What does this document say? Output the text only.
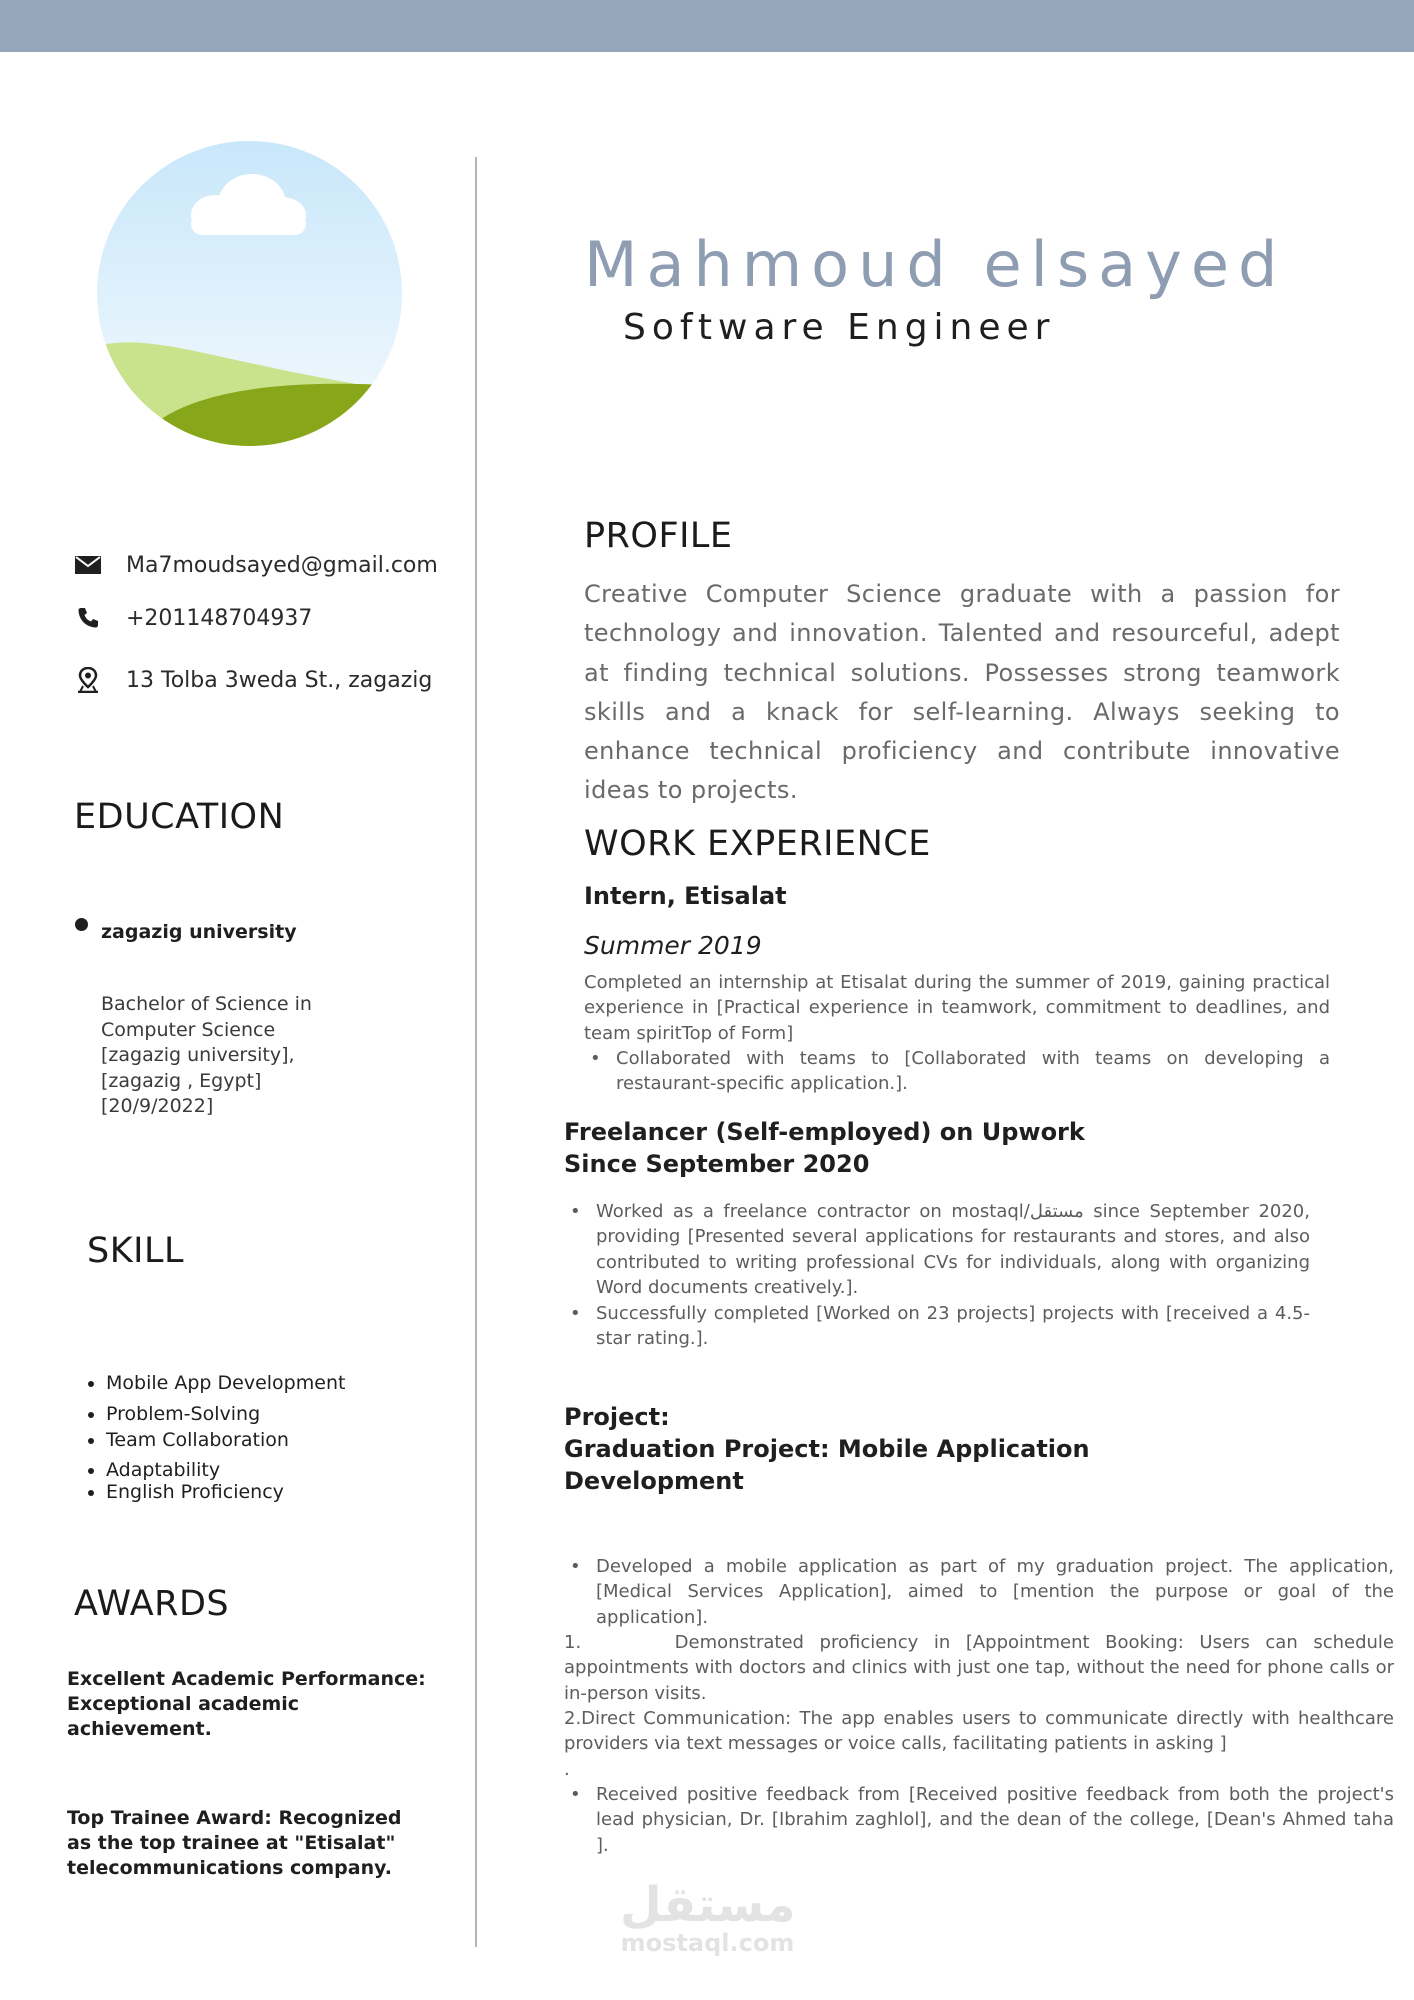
Ma7moudsayed@gmail.com
+201148704937
13 Tolba 3weda St., zagazig
EDUCATION
zagazig university
Bachelor of Science in
Computer Science
[zagazig university],
[zagazig , Egypt]
[20/9/2022]
SKILL
• Mobile App Development
• Problem-Solving
• Team Collaboration
• Adaptability
• English Proficiency
AWARDS
Excellent Academic Performance: Exceptional academic achievement.
Top Trainee Award: Recognized as the top trainee at "Etisalat" telecommunications company.
Mahmoud elsayed
Software Engineer
PROFILE
Creative Computer Science graduate with a passion for technology and innovation. Talented and resourceful, adept at finding technical solutions. Possesses strong teamwork skills and a knack for self-learning. Always seeking to enhance technical proficiency and contribute innovative ideas to projects.
WORK EXPERIENCE
Intern, Etisalat
Summer 2019
Completed an internship at Etisalat during the summer of 2019, gaining practical experience in [Practical experience in teamwork, commitment to deadlines, and team spiritTop of Form]
• Collaborated with teams to [Collaborated with teams on developing a restaurant-specific application.].
Freelancer (Self-employed) on Upwork
Since September 2020
• Worked as a freelance contractor on mostaql/مستقل since September 2020, providing [Presented several applications for restaurants and stores, and also contributed to writing professional CVs for individuals, along with organizing Word documents creatively.].
• Successfully completed [Worked on 23 projects] projects with [received a 4.5-star rating.].
Project:
Graduation Project: Mobile Application
Development
• Developed a mobile application as part of my graduation project. The application, [Medical Services Application], aimed to [mention the purpose or goal of the application].
1.      Demonstrated proficiency in [Appointment Booking: Users can schedule appointments with doctors and clinics with just one tap, without the need for phone calls or in-person visits.
2.Direct Communication: The app enables users to communicate directly with healthcare providers via text messages or voice calls, facilitating patients in asking ]
.
• Received positive feedback from [Received positive feedback from both the project's lead physician, Dr. [Ibrahim zaghlol], and the dean of the college, [Dean's Ahmed taha ].
مستقل
mostaql.com
